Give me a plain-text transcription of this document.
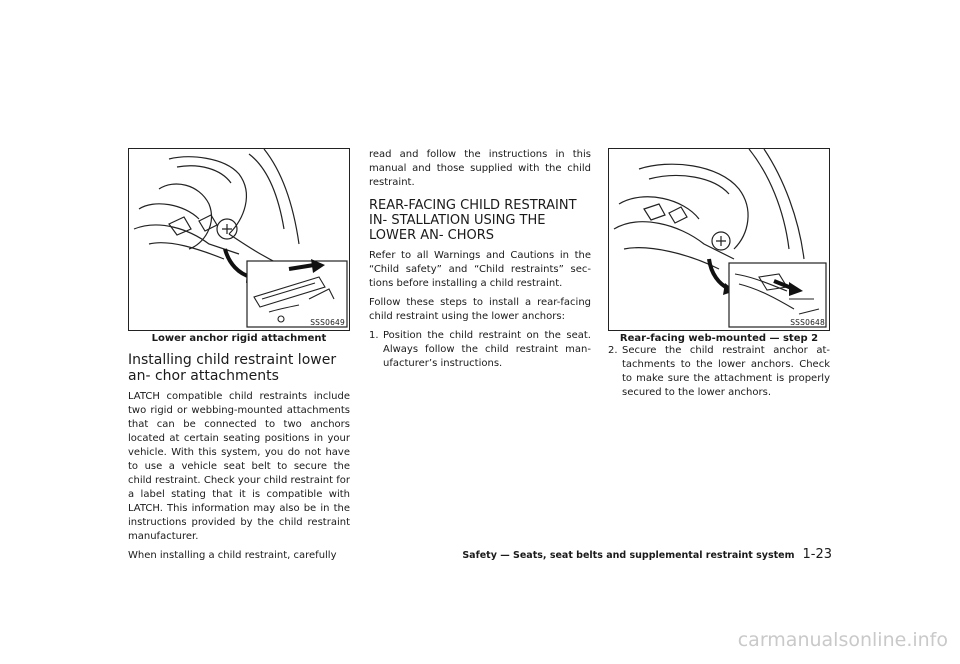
SSS0649

Lower anchor rigid attachment

Installing child restraint lower an- chor attachments

LATCH compatible child restraints include two rigid or webbing-mounted attachments that can be connected to two anchors located at certain seating positions in your vehicle. With this system, you do not have to use a vehicle seat belt to secure the child restraint. Check your child restraint for a label stating that it is compatible with LATCH. This information may also be in the instructions provided by the child restraint manufacturer.

When installing a child restraint, carefully

read and follow the instructions in this manual and those supplied with the child restraint.

REAR-FACING CHILD RESTRAINT IN- STALLATION USING THE LOWER AN- CHORS

Refer to all Warnings and Cautions in the “Child safety” and “Child restraints” sec- tions before installing a child restraint.

Follow these steps to install a rear-facing child restraint using the lower anchors:

1. Position the child restraint on the seat. Always follow the child restraint man- ufacturer’s instructions.

SSS0648

Rear-facing web-mounted — step 2

2. Secure the child restraint anchor at- tachments to the lower anchors. Check to make sure the attachment is properly secured to the lower anchors.

Safety — Seats, seat belts and supplemental restraint system 1-23
carmanualsonline.info
